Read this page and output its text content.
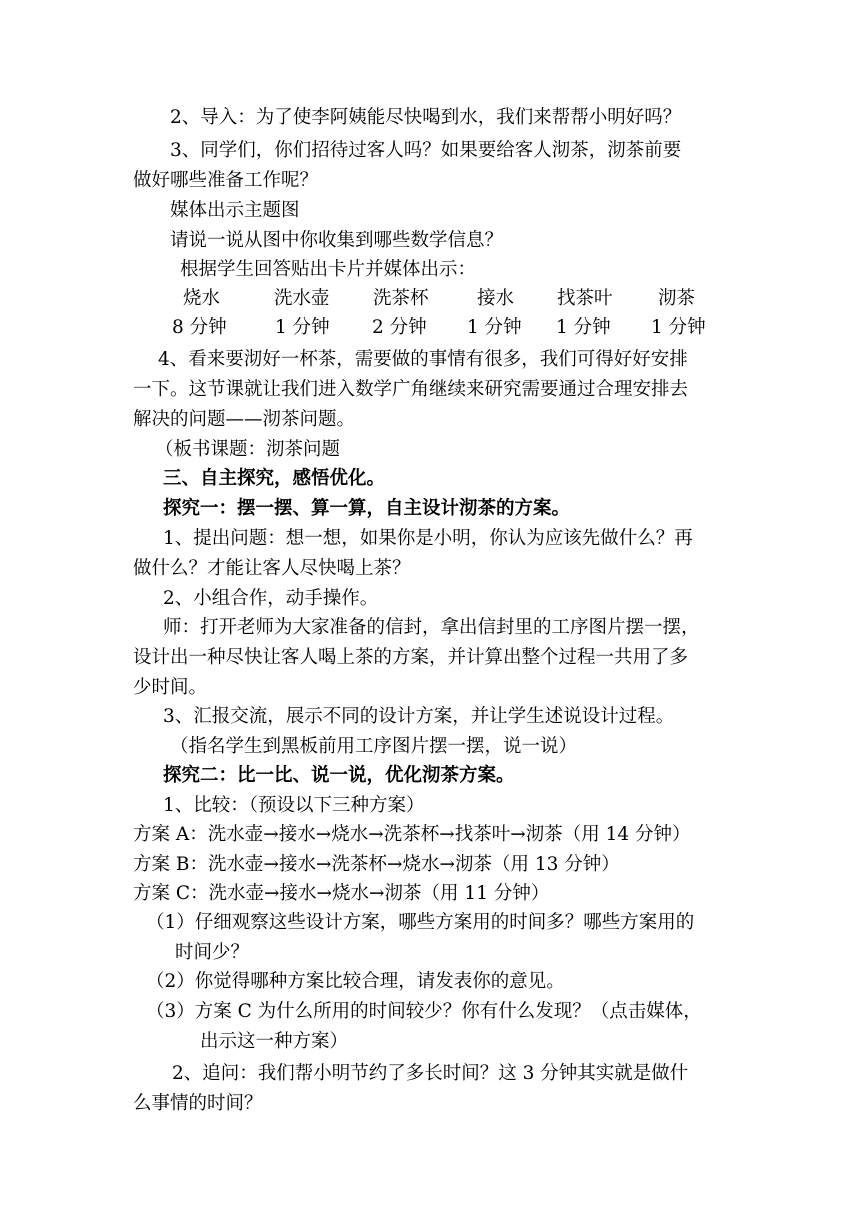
2、导入：为了使李阿姨能尽快喝到水，我们来帮帮小明好吗？
3、同学们，你们招待过客人吗？如果要给客人沏茶，沏茶前要
做好哪些准备工作呢？
媒体出示主题图
请说一说从图中你收集到哪些数学信息？
根据学生回答贴出卡片并媒体出示：
烧水	洗水壶 洗茶杯	接水 找茶叶 沏茶
8 分钟	1 分钟 2 分钟 1 分钟 1 分钟 1 分钟
4、看来要沏好一杯茶，需要做的事情有很多，我们可得好好安排
一下。这节课就让我们进入数学广角继续来研究需要通过合理安排去
解决的问题——沏茶问题。
（板书课题：沏茶问题
三、自主探究，感悟优化。
探究一：摆一摆、算一算，自主设计沏茶的方案。
1、提出问题：想一想，如果你是小明，你认为应该先做什么？再
做什么？才能让客人尽快喝上茶？
2、小组合作，动手操作。
师：打开老师为大家准备的信封，拿出信封里的工序图片摆一摆，
设计出一种尽快让客人喝上茶的方案，并计算出整个过程一共用了多
少时间。
3、汇报交流，展示不同的设计方案，并让学生述说设计过程。
（指名学生到黑板前用工序图片摆一摆，说一说）
探究二：比一比、说一说，优化沏茶方案。
1、比较：（预设以下三种方案）
方案 A：洗水壶→接水→烧水→洗茶杯→找茶叶→沏茶（用 14 分钟）
方案 B：洗水壶→接水→洗茶杯→烧水→沏茶（用 13 分钟）
方案 C：洗水壶→接水→烧水→沏茶（用 11 分钟）
（1）仔细观察这些设计方案，哪些方案用的时间多？哪些方案用的
时间少？
（2）你觉得哪种方案比较合理，请发表你的意见。
（3）方案 C 为什么所用的时间较少？你有什么发现？（点击媒体，
出示这一种方案）
2、追问：我们帮小明节约了多长时间？这 3 分钟其实就是做什
么事情的时间？
